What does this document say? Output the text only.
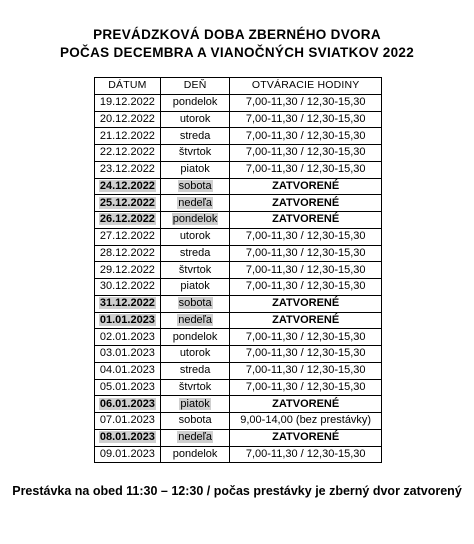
PREVÁDZKOVÁ DOBA ZBERNÉHO DVORA
POČAS DECEMBRA A VIANOČNÝCH SVIATKOV 2022
DÁTUM	DEŇ	OTVÁRACIE HODINY
19.12.2022	pondelok	7,00-11,30 / 12,30-15,30
20.12.2022	utorok	7,00-11,30 / 12,30-15,30
21.12.2022	streda	7,00-11,30 / 12,30-15,30
22.12.2022	štvrtok	7,00-11,30 / 12,30-15,30
23.12.2022	piatok	7,00-11,30 / 12,30-15,30
24.12.2022	sobota	ZATVORENÉ
25.12.2022	nedeľa	ZATVORENÉ
26.12.2022	pondelok	ZATVORENÉ
27.12.2022	utorok	7,00-11,30 / 12,30-15,30
28.12.2022	streda	7,00-11,30 / 12,30-15,30
29.12.2022	štvrtok	7,00-11,30 / 12,30-15,30
30.12.2022	piatok	7,00-11,30 / 12,30-15,30
31.12.2022	sobota	ZATVORENÉ
01.01.2023	nedeľa	ZATVORENÉ
02.01.2023	pondelok	7,00-11,30 / 12,30-15,30
03.01.2023	utorok	7,00-11,30 / 12,30-15,30
04.01.2023	streda	7,00-11,30 / 12,30-15,30
05.01.2023	štvrtok	7,00-11,30 / 12,30-15,30
06.01.2023	piatok	ZATVORENÉ
07.01.2023	sobota	9,00-14,00 (bez prestávky)
08.01.2023	nedeľa	ZATVORENÉ
09.01.2023	pondelok	7,00-11,30 / 12,30-15,30
Prestávka na obed 11:30 – 12:30 / počas prestávky je zberný dvor zatvorený
